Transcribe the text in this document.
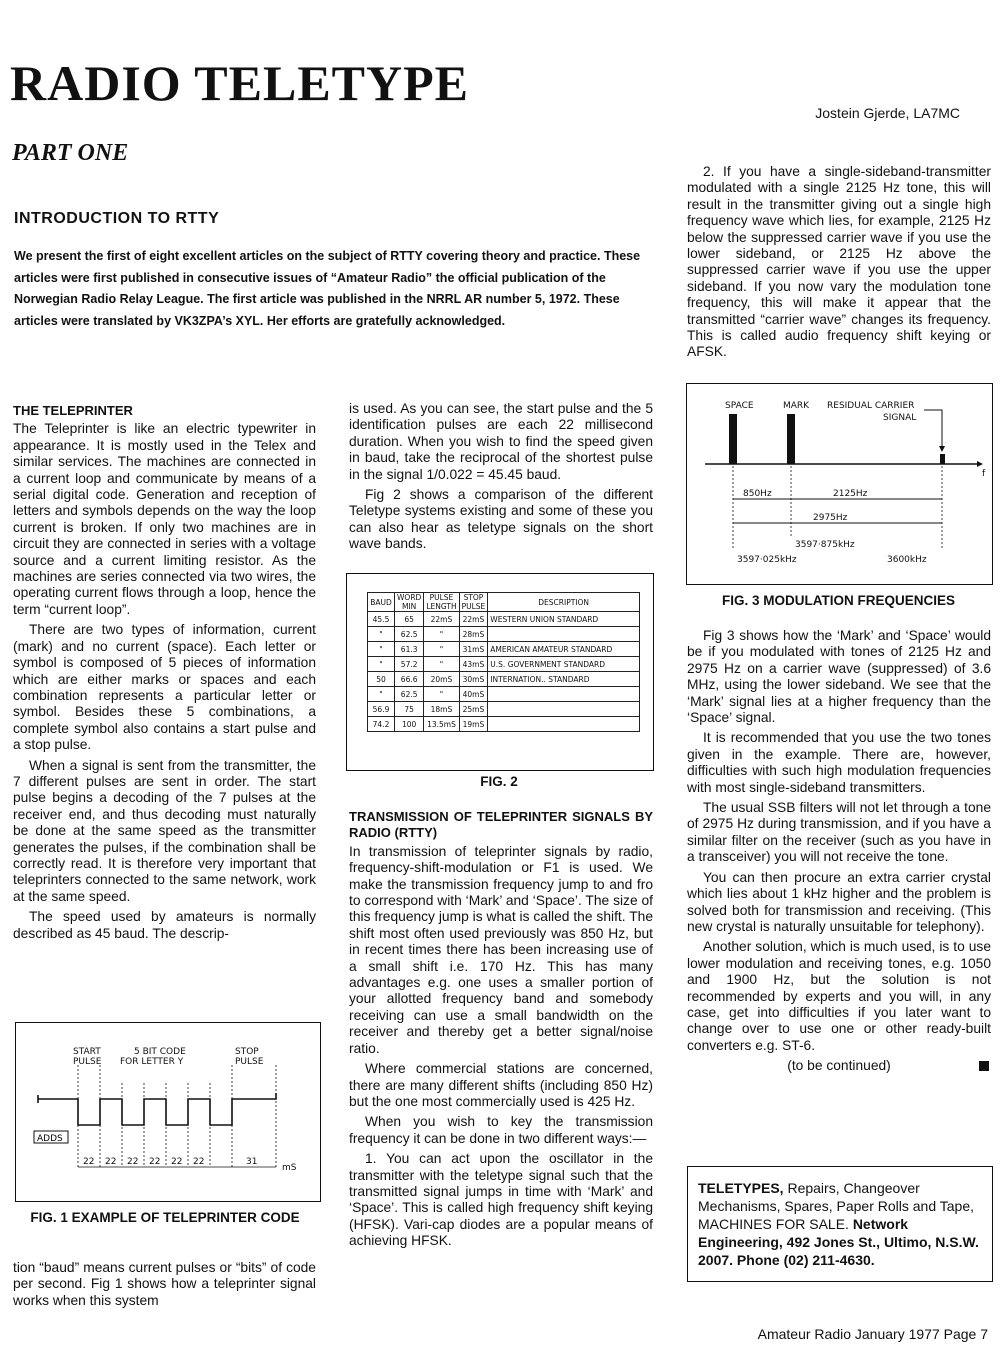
RADIO TELETYPE
Jostein Gjerde, LA7MC
PART ONE
INTRODUCTION TO RTTY
We present the first of eight excellent articles on the subject of RTTY covering theory and practice. These articles were first published in consecutive issues of “Amateur Radio” the official publication of the Norwegian Radio Relay League. The first article was published in the NRRL AR number 5, 1972. These articles were translated by VK3ZPA’s XYL. Her efforts are gratefully acknowledged.
THE TELEPRINTER

The Teleprinter is like an electric typewriter in appearance. It is mostly used in the Telex and similar services. The machines are connected in a current loop and communicate by means of a serial digital code. Generation and reception of letters and symbols depends on the way the loop current is broken. If only two machines are in circuit they are connected in series with a voltage source and a current limiting resistor. As the machines are series connected via two wires, the operating current flows through a loop, hence the term “current loop”.

There are two types of information, current (mark) and no current (space). Each letter or symbol is composed of 5 pieces of information which are either marks or spaces and each combination represents a particular letter or symbol. Besides these 5 combinations, a complete symbol also contains a start pulse and a stop pulse.

When a signal is sent from the transmitter, the 7 different pulses are sent in order. The start pulse begins a decoding of the 7 pulses at the receiver end, and thus decoding must naturally be done at the same speed as the transmitter generates the pulses, if the combination shall be correctly read. It is therefore very important that teleprinters connected to the same network, work at the same speed.

The speed used by amateurs is normally described as 45 baud. The descrip-

START
PULSE
5 BIT CODE
FOR LETTER Y
STOP
PULSE
ADDS
22 22 22 22 22 22	31
mS
FIG. 1 EXAMPLE OF TELEPRINTER CODE

tion “baud” means current pulses or “bits” of code per second. Fig 1 shows how a teleprinter signal works when this system

is used. As you can see, the start pulse and the 5 identification pulses are each 22 millisecond duration. When you wish to find the speed given in baud, take the reciprocal of the shortest pulse in the signal 1/0.022 = 45.45 baud.

Fig 2 shows a comparison of the different Teletype systems existing and some of these you can also hear as teletype signals on the short wave bands.

BAUD	WORD MIN	PULSE LENGTH	STOP PULSE	DESCRIPTION
45.5	65	22mS	22mS	WESTERN UNION STANDARD
"	62.5	"	28mS	
"	61.3	"	31mS	AMERICAN AMATEUR STANDARD
"	57.2	"	43mS	U.S. GOVERNMENT STANDARD
50	66.6	20mS	30mS	INTERNATION.. STANDARD
"	62.5	"	40mS	
56.9	75	18mS	25mS	
74.2	100	13.5mS	19mS	
FIG. 2
TRANSMISSION OF TELEPRINTER SIGNALS BY RADIO (RTTY)

In transmission of teleprinter signals by radio, frequency-shift-modulation or F1 is used. We make the transmission frequency jump to and fro to correspond with ‘Mark’ and ‘Space’. The size of this frequency jump is what is called the shift. The shift most often used previously was 850 Hz, but in recent times there has been increasing use of a small shift i.e. 170 Hz. This has many advantages e.g. one uses a smaller portion of your allotted frequency band and somebody receiving can use a small bandwidth on the receiver and thereby get a better signal/noise ratio.

Where commercial stations are concerned, there are many different shifts (including 850 Hz) but the one most commercially used is 425 Hz.

When you wish to key the transmission frequency it can be done in two different ways:—

1. You can act upon the oscillator in the transmitter with the teletype signal such that the transmitted signal jumps in time with ‘Mark’ and ‘Space’. This is called high frequency shift keying (HFSK). Vari-cap diodes are a popular means of achieving HFSK.

2. If you have a single-sideband-transmitter modulated with a single 2125 Hz tone, this will result in the transmitter giving out a single high frequency wave which lies, for example, 2125 Hz below the suppressed carrier wave if you use the lower sideband, or 2125 Hz above the suppressed carrier wave if you use the upper sideband. If you now vary the modulation tone frequency, this will make it appear that the transmitted “carrier wave” changes its frequency. This is called audio frequency shift keying or AFSK.

SPACE	MARK RESIDUAL CARRIER
SIGNAL
f
850Hz	2125Hz
2975Hz
3597·875kHz
3597·025kHz	3600kHz
FIG. 3 MODULATION FREQUENCIES

Fig 3 shows how the ‘Mark’ and ‘Space’ would be if you modulated with tones of 2125 Hz and 2975 Hz on a carrier wave (suppressed) of 3.6 MHz, using the lower sideband. We see that the ‘Mark’ signal lies at a higher frequency than the ‘Space’ signal.

It is recommended that you use the two tones given in the example. There are, however, difficulties with such high modulation frequencies with most single-sideband transmitters.

The usual SSB filters will not let through a tone of 2975 Hz during transmission, and if you have a similar filter on the receiver (such as you have in a transceiver) you will not receive the tone.

You can then procure an extra carrier crystal which lies about 1 kHz higher and the problem is solved both for transmission and receiving. (This new crystal is naturally unsuitable for telephony).

Another solution, which is much used, is to use lower modulation and receiving tones, e.g. 1050 and 1900 Hz, but the solution is not recommended by experts and you will, in any case, get into difficulties if you later want to change over to use one or other ready-built converters e.g. ST-6.

(to be continued)
TELETYPES, Repairs, Changeover Mechanisms, Spares, Paper Rolls and Tape, MACHINES FOR SALE. Network Engineering, 492 Jones St., Ultimo, N.S.W. 2007. Phone (02) 211-4630.
Amateur Radio January 1977 Page 7
